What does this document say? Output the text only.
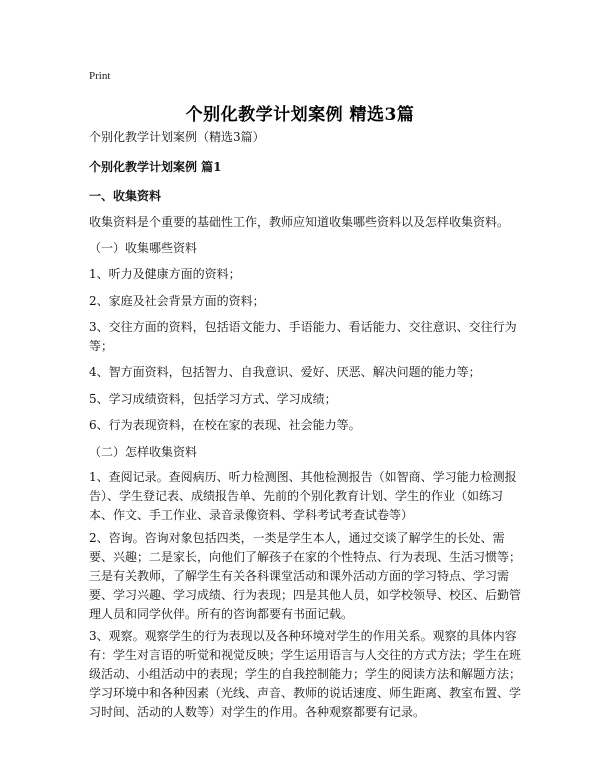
Print
个别化教学计划案例 精选3篇
个别化教学计划案例（精选3篇）
个别化教学计划案例 篇1
一、收集资料
收集资料是个重要的基础性工作，教师应知道收集哪些资料以及怎样收集资料。
（一）收集哪些资料
1、听力及健康方面的资料；
2、家庭及社会背景方面的资料；
3、交往方面的资料，包括语文能力、手语能力、看话能力、交往意识、交往行为等；
4、智方面资料，包括智力、自我意识、爱好、厌恶、解决问题的能力等；
5、学习成绩资料，包括学习方式、学习成绩；
6、行为表现资料，在校在家的表现、社会能力等。
（二）怎样收集资料
1、查阅记录。查阅病历、听力检测图、其他检测报告（如智商、学习能力检测报告）、学生登记表、成绩报告单、先前的个别化教育计划、学生的作业（如练习本、作文、手工作业、录音录像资料、学科考试考查试卷等）
2、咨询。咨询对象包括四类，一类是学生本人，通过交谈了解学生的长处、需要、兴趣；二是家长，向他们了解孩子在家的个性特点、行为表现、生活习惯等；三是有关教师，了解学生有关各科课堂活动和课外活动方面的学习特点、学习需要、学习兴趣、学习成绩、行为表现；四是其他人员，如学校领导、校区、后勤管理人员和同学伙伴。所有的咨询都要有书面记载。
3、观察。观察学生的行为表现以及各种环境对学生的作用关系。观察的具体内容有：学生对言语的听觉和视觉反映；学生运用语言与人交往的方式方法；学生在班级活动、小组活动中的表现；学生的自我控制能力；学生的阅读方法和解题方法；学习环境中和各种因素（光线、声音、教师的说话速度、师生距离、教室布置、学习时间、活动的人数等）对学生的作用。各种观察都要有记录。
